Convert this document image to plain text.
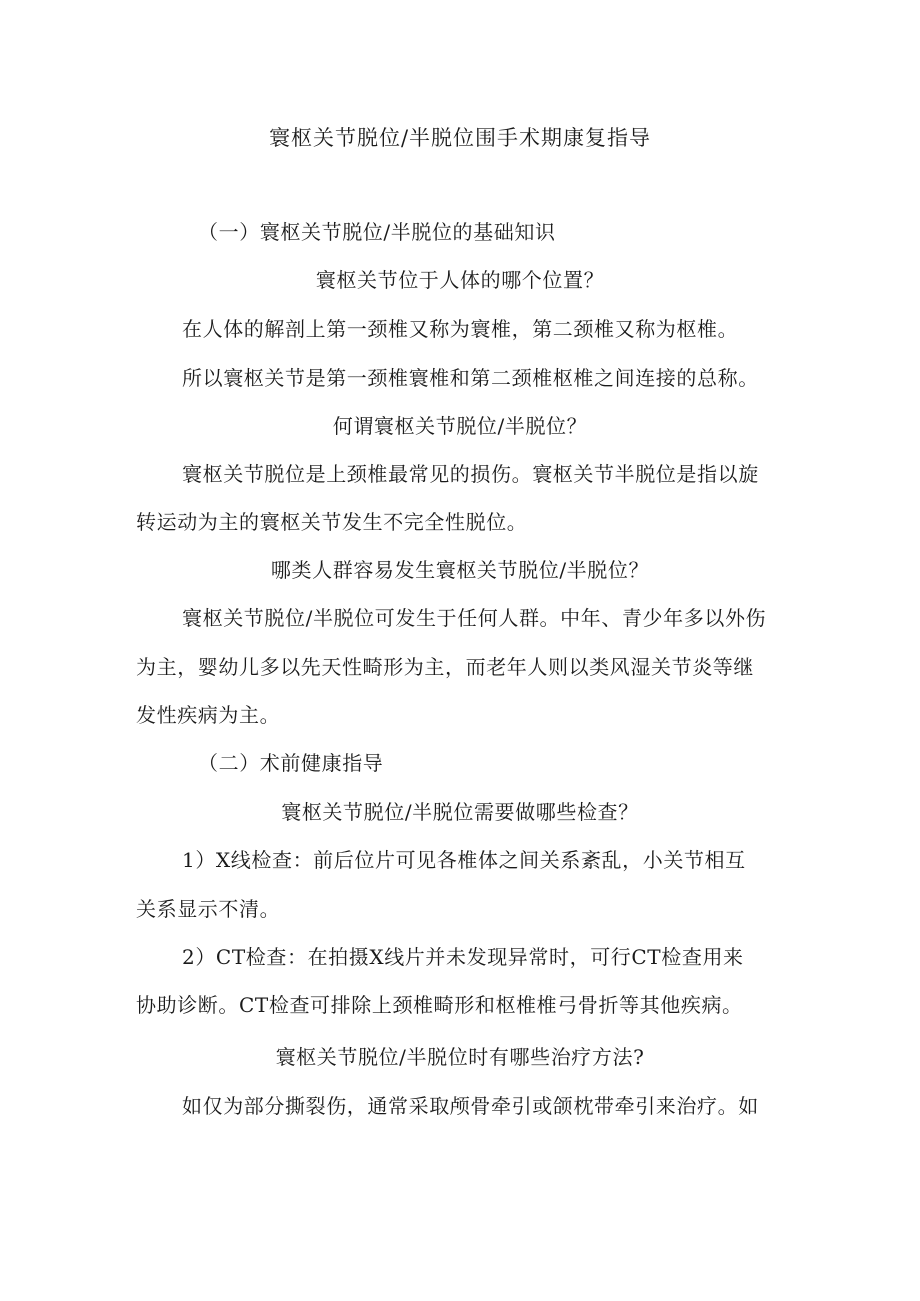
寰枢关节脱位/半脱位围手术期康复指导
（一）寰枢关节脱位/半脱位的基础知识
寰枢关节位于人体的哪个位置？
在人体的解剖上第一颈椎又称为寰椎，第二颈椎又称为枢椎。
所以寰枢关节是第一颈椎寰椎和第二颈椎枢椎之间连接的总称。
何谓寰枢关节脱位/半脱位？
寰枢关节脱位是上颈椎最常见的损伤。寰枢关节半脱位是指以旋
转运动为主的寰枢关节发生不完全性脱位。
哪类人群容易发生寰枢关节脱位/半脱位？
寰枢关节脱位/半脱位可发生于任何人群。中年、青少年多以外伤
为主，婴幼儿多以先天性畸形为主，而老年人则以类风湿关节炎等继
发性疾病为主。
（二）术前健康指导
寰枢关节脱位/半脱位需要做哪些检查？
1）X线检查：前后位片可见各椎体之间关系紊乱，小关节相互
关系显示不清。
2）CT检查：在拍摄X线片并未发现异常时，可行CT检查用来
协助诊断。CT检查可排除上颈椎畸形和枢椎椎弓骨折等其他疾病。
寰枢关节脱位/半脱位时有哪些治疗方法?
如仅为部分撕裂伤，通常采取颅骨牵引或颌枕带牵引来治疗。如
